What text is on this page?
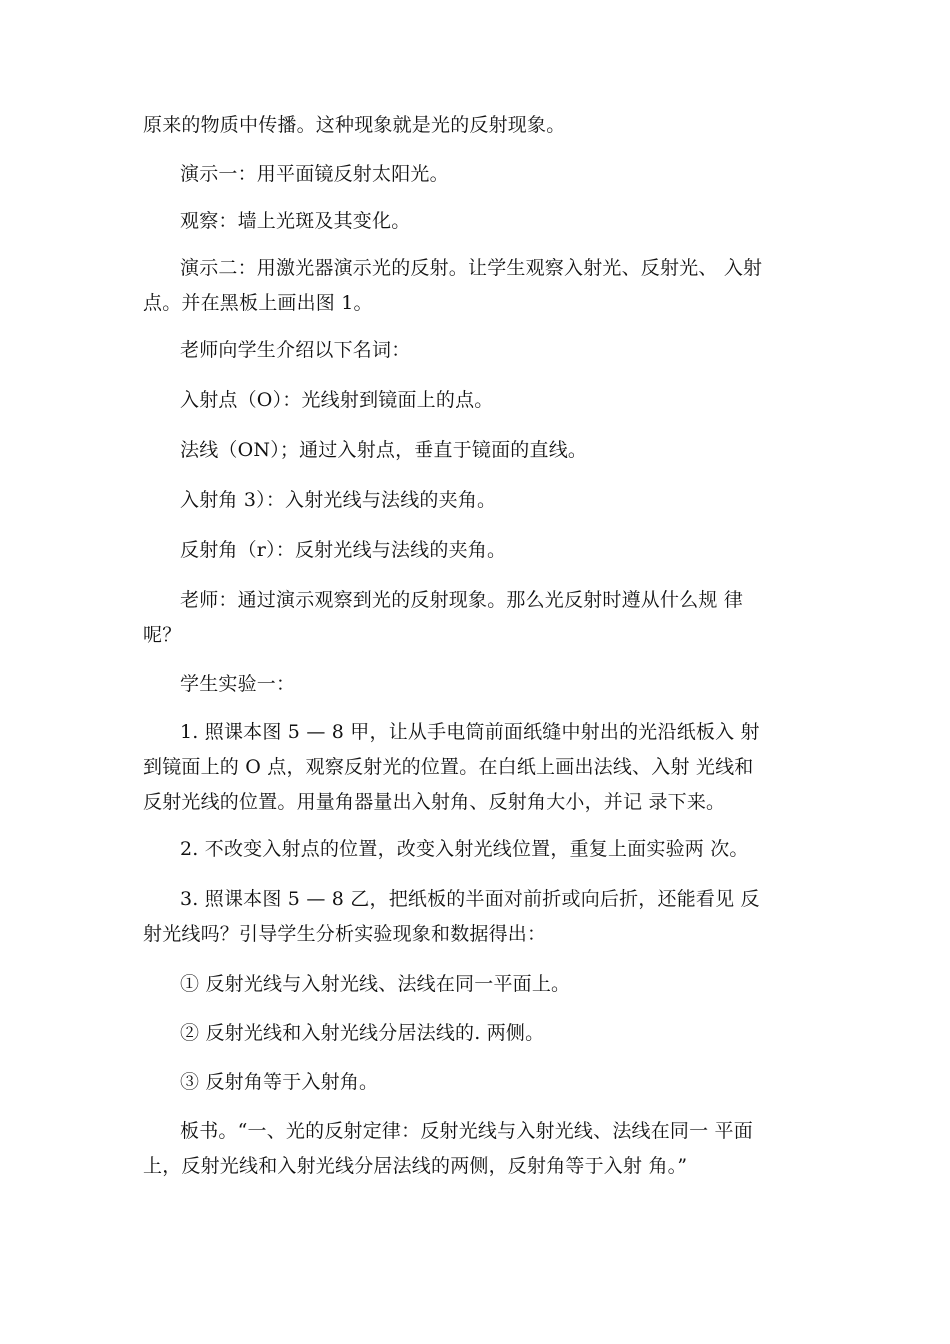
原来的物质中传播。这种现象就是光的反射现象。
演示一：用平面镜反射太阳光。
观察：墙上光斑及其变化。
演示二：用激光器演示光的反射。让学生观察入射光、反射光、 入射
点。并在黑板上画出图 1。
老师向学生介绍以下名词：
入射点（O）：光线射到镜面上的点。
法线（ON）；通过入射点，垂直于镜面的直线。
入射角 3）：入射光线与法线的夹角。
反射角（r）：反射光线与法线的夹角。
老师：通过演示观察到光的反射现象。那么光反射时遵从什么规 律
呢？
学生实验一：
1. 照课本图 5 — 8 甲，让从手电筒前面纸缝中射出的光沿纸板入 射
到镜面上的 O 点，观察反射光的位置。在白纸上画出法线、入射 光线和
反射光线的位置。用量角器量出入射角、反射角大小，并记 录下来。
2. 不改变入射点的位置，改变入射光线位置，重复上面实验两 次。
3. 照课本图 5 — 8 乙，把纸板的半面对前折或向后折，还能看见 反
射光线吗？引导学生分析实验现象和数据得出：
① 反射光线与入射光线、法线在同一平面上。
② 反射光线和入射光线分居法线的. 两侧。
③ 反射角等于入射角。
板书。“一、光的反射定律：反射光线与入射光线、法线在同一 平面
上，反射光线和入射光线分居法线的两侧，反射角等于入射 角。”
